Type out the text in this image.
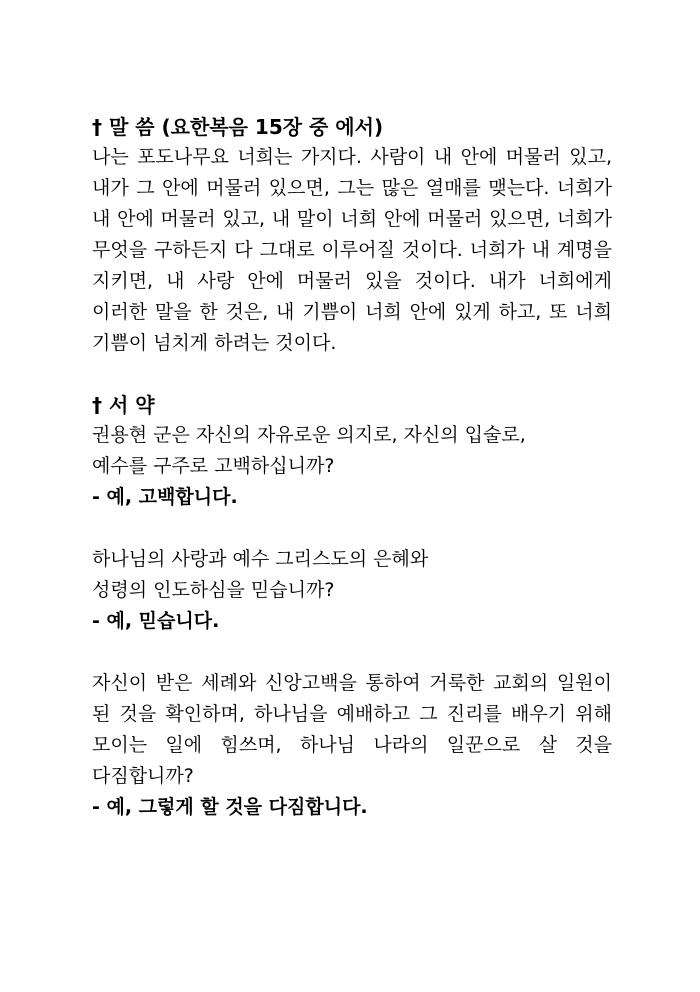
† 말 씀 (요한복음 15장 중 에서)

나는 포도나무요 너희는 가지다. 사람이 내 안에 머물러 있고, 내가 그 안에 머물러 있으면, 그는 많은 열매를 맺는다. 너희가 내 안에 머물러 있고, 내 말이 너희 안에 머물러 있으면, 너희가 무엇을 구하든지 다 그대로 이루어질 것이다. 너희가 내 계명을 지키면, 내 사랑 안에 머물러 있을 것이다. 내가 너희에게 이러한 말을 한 것은, 내 기쁨이 너희 안에 있게 하고, 또 너희 기쁨이 넘치게 하려는 것이다.

† 서 약

권용현 군은 자신의 자유로운 의지로, 자신의 입술로,

예수를 구주로 고백하십니까?

- 예, 고백합니다.

하나님의 사랑과 예수 그리스도의 은혜와

성령의 인도하심을 믿습니까?

- 예, 믿습니다.

자신이 받은 세례와 신앙고백을 통하여 거룩한 교회의 일원이 된 것을 확인하며, 하나님을 예배하고 그 진리를 배우기 위해 모이는 일에 힘쓰며, 하나님 나라의 일꾼으로 살 것을 다짐합니까?

- 예, 그렇게 할 것을 다짐합니다.
